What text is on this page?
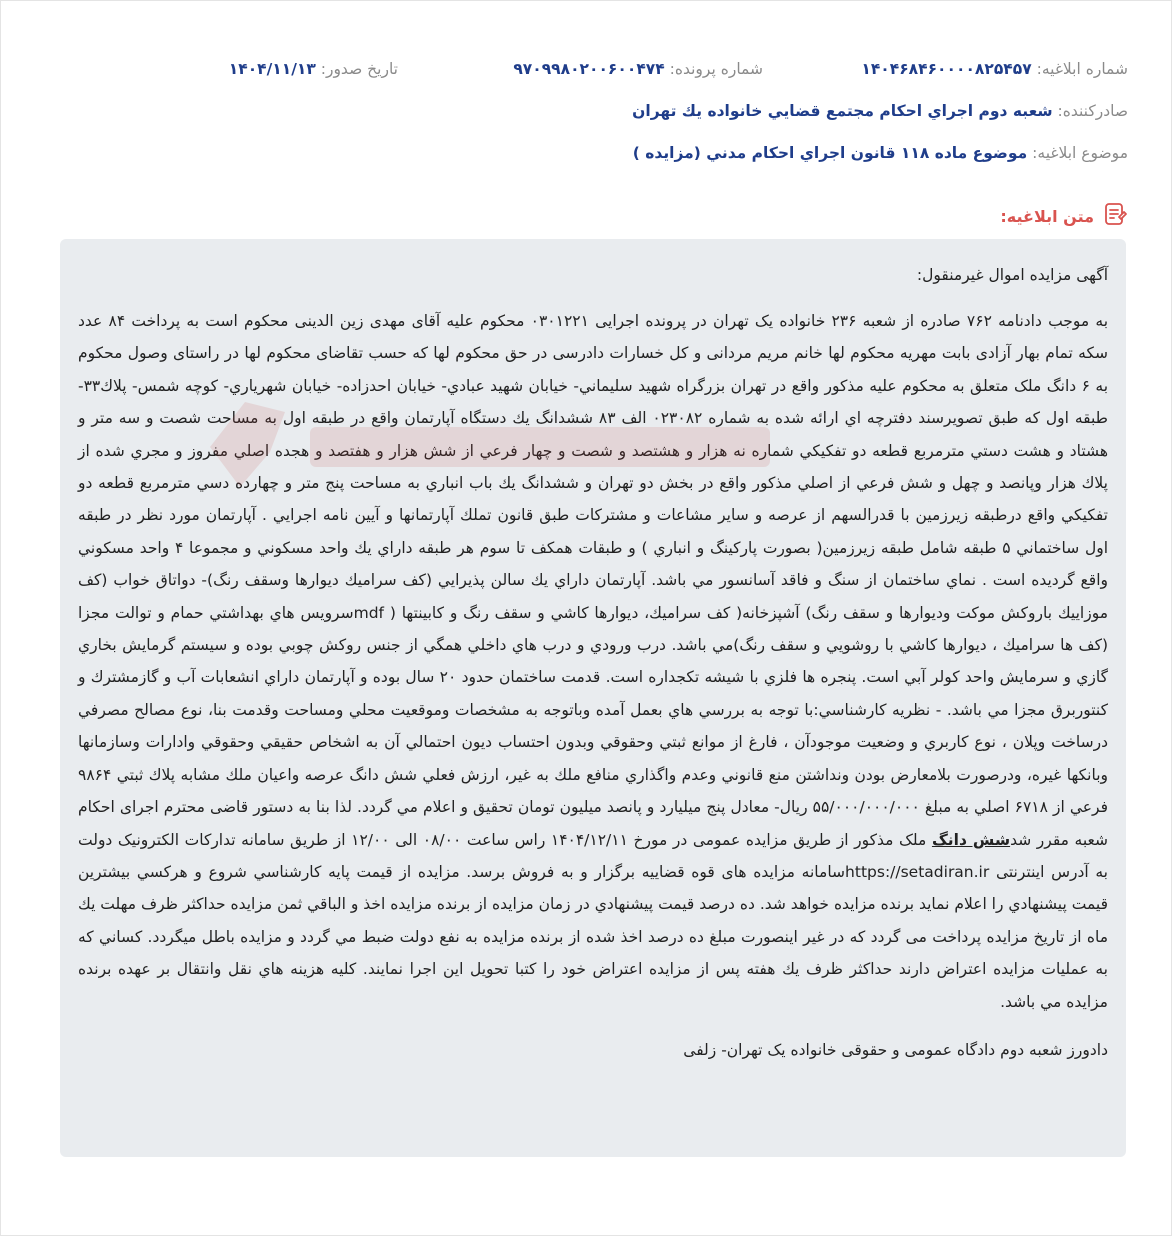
شماره ابلاغيه: ۱۴۰۴۶۸۴۶۰۰۰۰۸۲۵۴۵۷
شماره پرونده: ۹۷۰۹۹۸۰۲۰۰۶۰۰۴۷۴
تاريخ صدور: ۱۴۰۴/۱۱/۱۳
صادرکننده: شعبه دوم اجراي احكام مجتمع قضايي خانواده يك تهران
موضوع ابلاغيه: موضوع ماده ۱۱۸ قانون اجراي احكام مدني (مزايده )
متن ابلاغيه:
آگهی مزایده اموال غیرمنقول:

به موجب دادنامه ۷۶۲ صادره از شعبه ۲۳۶ خانواده یک تهران در پرونده اجرایی ۰۳۰۱۲۲۱ محکوم علیه آقای مهدی زین الدینی محکوم است به پرداخت ۸۴ عدد سکه تمام بهار آزادی بابت مهریه محکوم لها خانم مریم مردانی و کل خسارات دادرسی در حق محکوم لها که حسب تقاضای محکوم لها در راستای وصول محکوم به ۶ دانگ ملک متعلق به محکوم علیه مذکور واقع در تهران بزرگراه شهید سليماني- خيابان شهيد عبادي- خيابان احدزاده- خيابان شهرياري- كوچه شمس- پلاك۳۳- طبقه اول كه طبق تصويرسند دفترچه اي ارائه شده به شماره ۰۲۳۰۸۲ الف ۸۳ ششدانگ يك دستگاه آپارتمان واقع در طبقه اول به مساحت شصت و سه متر و هشتاد و هشت دستي مترمربع قطعه دو تفكيكي شماره نه هزار و هشتصد و شصت و چهار فرعي از شش هزار و هفتصد و هجده اصلي مفروز و مجري شده از پلاك هزار وپانصد و چهل و شش فرعي از اصلي مذكور واقع در بخش دو تهران و ششدانگ يك باب انباري به مساحت پنج متر و چهارده دسي مترمربع قطعه دو تفكيكي واقع درطبقه زيرزمين با قدرالسهم از عرصه و ساير مشاعات و مشتركات طبق قانون تملك آپارتمانها و آيين نامه اجرايي . آپارتمان مورد نظر در طبقه اول ساختماني ۵ طبقه شامل طبقه زيرزمين( بصورت پاركينگ و انباري ) و طبقات همكف تا سوم هر طبقه داراي يك واحد مسكوني و مجموعا ۴ واحد مسكوني واقع گرديده است . نماي ساختمان از سنگ و فاقد آسانسور مي باشد. آپارتمان داراي يك سالن پذيرايي (كف سراميك ديوارها وسقف رنگ)- دواتاق خواب (كف موزاييك باروكش موكت وديوارها و سقف رنگ) آشپزخانه( كف سراميك، ديوارها كاشي و سقف رنگ و كابينتها ( mdfسرويس هاي بهداشتي حمام و توالت مجزا (كف ها سراميك ، ديوارها كاشي با روشويي و سقف رنگ)مي باشد. درب ورودي و درب هاي داخلي همگي از جنس روكش چوبي بوده و سيستم گرمايش بخاري گازي و سرمايش واحد كولر آبي است. پنجره ها فلزي با شيشه تكجداره است. قدمت ساختمان حدود ۲۰ سال بوده و آپارتمان داراي انشعابات آب و گازمشترك و كنتوربرق مجزا مي باشد. - نظريه كارشناسي:با توجه به بررسي هاي بعمل آمده وباتوجه به مشخصات وموقعيت محلي ومساحت وقدمت بنا، نوع مصالح مصرفي درساخت وپلان ، نوع كاربري و وضعيت موجودآن ، فارغ از موانع ثبتي وحقوقي وبدون احتساب ديون احتمالي آن به اشخاص حقيقي وحقوقي وادارات وسازمانها وبانكها غيره، ودرصورت بلامعارض بودن ونداشتن منع قانوني وعدم واگذاري منافع ملك به غير، ارزش فعلي شش دانگ عرصه واعيان ملك مشابه پلاك ثبتي ۹۸۶۴ فرعي از ۶۷۱۸ اصلي به مبلغ ۵۵/۰۰۰/۰۰۰/۰۰۰ ريال- معادل پنج ميليارد و پانصد ميليون تومان تحقيق و اعلام مي گردد. لذا بنا به دستور قاضی محترم اجرای احکام شعبه مقرر شدشش دانگ ملک مذکور از طریق مزایده عمومی در مورخ ۱۴۰۴/۱۲/۱۱ راس ساعت ۰۸/۰۰ الی ۱۲/۰۰ از طریق سامانه تدارکات الکترونیک دولت به آدرس اینترنتی https://setadiran.irسامانه مزایده های قوه قضاییه برگزار و به فروش برسد. مزايده از قيمت پايه كارشناسي شروع و هركسي بيشترين قيمت پيشنهادي را اعلام نمايد برنده مزايده خواهد شد. ده درصد قيمت پيشنهادي در زمان مزايده از برنده مزايده اخذ و الباقي ثمن مزايده حداكثر ظرف مهلت يك ماه از تاريخ مزايده پرداخت می گردد كه در غير اينصورت مبلغ ده درصد اخذ شده از برنده مزايده به نفع دولت ضبط مي گردد و مزايده باطل ميگردد. كساني كه به عمليات مزايده اعتراض دارند حداكثر ظرف يك هفته پس از مزايده اعتراض خود را كتبا تحويل اين اجرا نمايند. كليه هزينه هاي نقل وانتقال بر عهده برنده مزايده مي باشد.

دادورز شعبه دوم دادگاه عمومی و حقوقی خانواده یک تهران- زلفی
